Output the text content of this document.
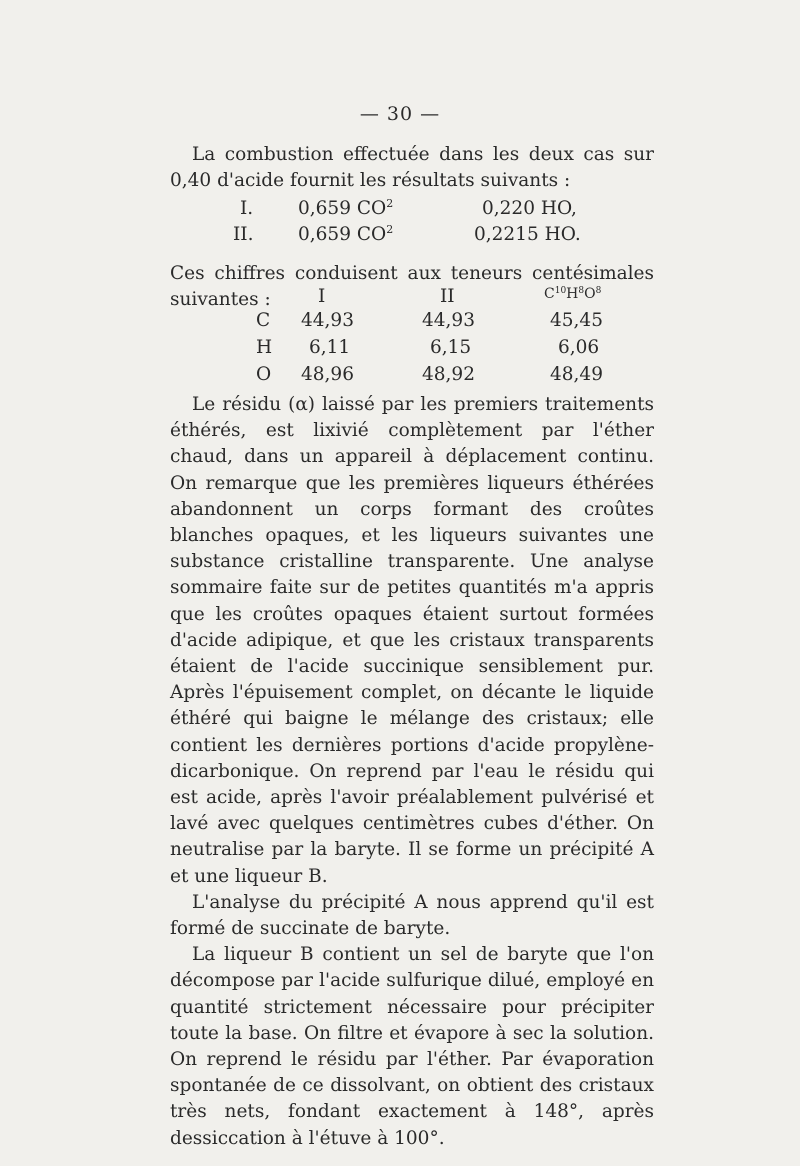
— 30 —

La combustion effectuée dans les deux cas sur 0,40 d'acide fournit les résultats suivants :

I. 0,659 $CO^2$	0,220 HO,
II. 0,659 $CO^2$	0,2215 HO.

Ces chiffres conduisent aux teneurs centésimales suivantes :	I	II	$C^{10}H^8O^8$
C 44,93	44,93	45,45
H 6,11	6,15	6,06
O 48,96	48,92	48,49

Le résidu (α) laissé par les premiers traitements éthérés, est lixivié complètement par l'éther chaud, dans un appareil à déplacement continu. On remarque que les premières liqueurs éthérées abandonnent un corps formant des croûtes blanches opaques, et les liqueurs suivantes une substance cristalline transparente. Une analyse sommaire faite sur de petites quantités m'a appris que les croûtes opaques étaient surtout formées d'acide adipique, et que les cristaux transparents étaient de l'acide succinique sensiblement pur. Après l'épuisement complet, on décante le liquide éthéré qui baigne le mélange des cristaux; elle contient les dernières portions d'acide propylène-dicarbonique. On reprend par l'eau le résidu qui est acide, après l'avoir préalablement pulvérisé et lavé avec quelques centimètres cubes d'éther. On neutralise par la baryte. Il se forme un précipité A et une liqueur B.

L'analyse du précipité A nous apprend qu'il est formé de succinate de baryte.

La liqueur B contient un sel de baryte que l'on décompose par l'acide sulfurique dilué, employé en quantité strictement nécessaire pour précipiter toute la base. On filtre et évapore à sec la solution. On reprend le résidu par l'éther. Par évaporation spontanée de ce dissolvant, on obtient des cristaux très nets, fondant exactement à 148°, après dessiccation à l'étuve à 100°.
